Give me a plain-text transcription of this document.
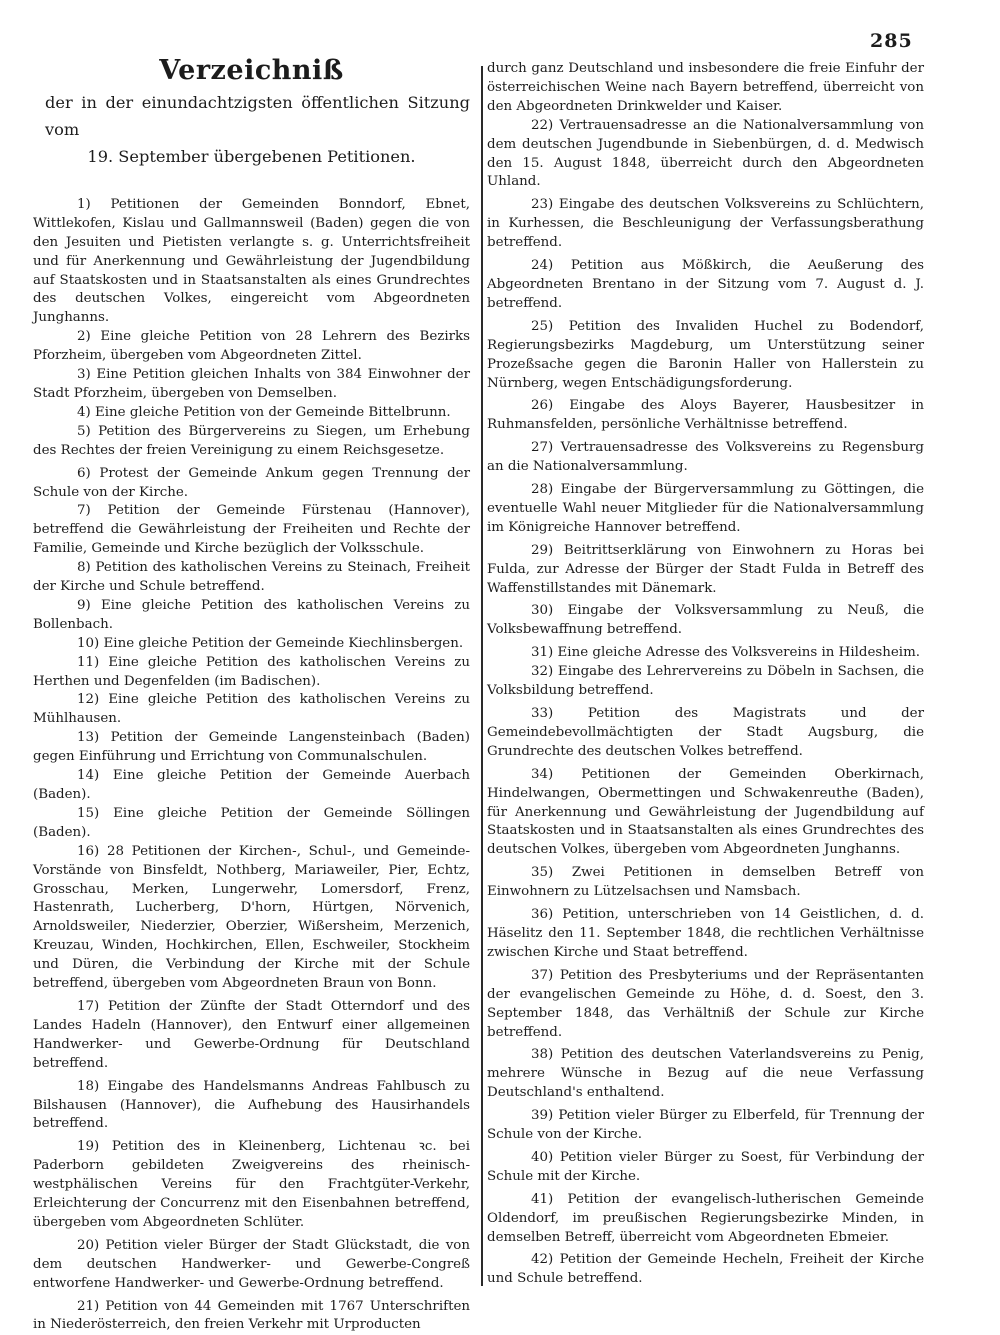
285
Verzeichniß
der in der einundachtzigsten öffentlichen Sitzung vom
19. September übergebenen Petitionen.

1) Petitionen der Gemeinden Bonndorf, Ebnet, Wittlekofen, Kislau und Gallmannsweil (Baden) gegen die von den Jesuiten und Pietisten verlangte s. g. Unterrichtsfreiheit und für Anerkennung und Gewährleistung der Jugendbildung auf Staatskosten und in Staatsanstalten als eines Grundrechtes des deutschen Volkes, eingereicht vom Abgeordneten Junghanns.

2) Eine gleiche Petition von 28 Lehrern des Bezirks Pforzheim, übergeben vom Abgeordneten Zittel.

3) Eine Petition gleichen Inhalts von 384 Einwohner der Stadt Pforzheim, übergeben von Demselben.

4) Eine gleiche Petition von der Gemeinde Bittelbrunn.

5) Petition des Bürgervereins zu Siegen, um Erhebung des Rechtes der freien Vereinigung zu einem Reichsgesetze.

6) Protest der Gemeinde Ankum gegen Trennung der Schule von der Kirche.

7) Petition der Gemeinde Fürstenau (Hannover), betreffend die Gewährleistung der Freiheiten und Rechte der Familie, Gemeinde und Kirche bezüglich der Volksschule.

8) Petition des katholischen Vereins zu Steinach, Freiheit der Kirche und Schule betreffend.

9) Eine gleiche Petition des katholischen Vereins zu Bollenbach.

10) Eine gleiche Petition der Gemeinde Kiechlinsbergen.

11) Eine gleiche Petition des katholischen Vereins zu Herthen und Degenfelden (im Badischen).

12) Eine gleiche Petition des katholischen Vereins zu Mühlhausen.

13) Petition der Gemeinde Langensteinbach (Baden) gegen Einführung und Errichtung von Communalschulen.

14) Eine gleiche Petition der Gemeinde Auerbach (Baden).

15) Eine gleiche Petition der Gemeinde Söllingen (Baden).

16) 28 Petitionen der Kirchen-, Schul-, und Gemeinde-Vorstände von Binsfeldt, Nothberg, Mariaweiler, Pier, Echtz, Grosschau, Merken, Lungerwehr, Lomersdorf, Frenz, Hastenrath, Lucherberg, D'horn, Hürtgen, Nörvenich, Arnoldsweiler, Niederzier, Oberzier, Wißersheim, Merzenich, Kreuzau, Winden, Hochkirchen, Ellen, Eschweiler, Stockheim und Düren, die Verbindung der Kirche mit der Schule betreffend, übergeben vom Abgeordneten Braun von Bonn.

17) Petition der Zünfte der Stadt Otterndorf und des Landes Hadeln (Hannover), den Entwurf einer allgemeinen Handwerker- und Gewerbe-Ordnung für Deutschland betreffend.

18) Eingabe des Handelsmanns Andreas Fahlbusch zu Bilshausen (Hannover), die Aufhebung des Hausirhandels betreffend.

19) Petition des in Kleinenberg, Lichtenau ꝛc. bei Paderborn gebildeten Zweigvereins des rheinisch-westphälischen Vereins für den Frachtgüter-Verkehr, Erleichterung der Concurrenz mit den Eisenbahnen betreffend, übergeben vom Abgeordneten Schlüter.

20) Petition vieler Bürger der Stadt Glückstadt, die von dem deutschen Handwerker- und Gewerbe-Congreß entworfene Handwerker- und Gewerbe-Ordnung betreffend.

21) Petition von 44 Gemeinden mit 1767 Unterschriften in Niederösterreich, den freien Verkehr mit Urproducten

durch ganz Deutschland und insbesondere die freie Einfuhr der österreichischen Weine nach Bayern betreffend, überreicht von den Abgeordneten Drinkwelder und Kaiser.

22) Vertrauensadresse an die Nationalversammlung von dem deutschen Jugendbunde in Siebenbürgen, d. d. Medwisch den 15. August 1848, überreicht durch den Abgeordneten Uhland.

23) Eingabe des deutschen Volksvereins zu Schlüchtern, in Kurhessen, die Beschleunigung der Verfassungsberathung betreffend.

24) Petition aus Mößkirch, die Aeußerung des Abgeordneten Brentano in der Sitzung vom 7. August d. J. betreffend.

25) Petition des Invaliden Huchel zu Bodendorf, Regierungsbezirks Magdeburg, um Unterstützung seiner Prozeßsache gegen die Baronin Haller von Hallerstein zu Nürnberg, wegen Entschädigungsforderung.

26) Eingabe des Aloys Bayerer, Hausbesitzer in Ruhmansfelden, persönliche Verhältnisse betreffend.

27) Vertrauensadresse des Volksvereins zu Regensburg an die Nationalversammlung.

28) Eingabe der Bürgerversammlung zu Göttingen, die eventuelle Wahl neuer Mitglieder für die Nationalversammlung im Königreiche Hannover betreffend.

29) Beitrittserklärung von Einwohnern zu Horas bei Fulda, zur Adresse der Bürger der Stadt Fulda in Betreff des Waffenstillstandes mit Dänemark.

30) Eingabe der Volksversammlung zu Neuß, die Volksbewaffnung betreffend.

31) Eine gleiche Adresse des Volksvereins in Hildesheim.

32) Eingabe des Lehrervereins zu Döbeln in Sachsen, die Volksbildung betreffend.

33) Petition des Magistrats und der Gemeindebevollmächtigten der Stadt Augsburg, die Grundrechte des deutschen Volkes betreffend.

34) Petitionen der Gemeinden Oberkirnach, Hindelwangen, Obermettingen und Schwakenreuthe (Baden), für Anerkennung und Gewährleistung der Jugendbildung auf Staatskosten und in Staatsanstalten als eines Grundrechtes des deutschen Volkes, übergeben vom Abgeordneten Junghanns.

35) Zwei Petitionen in demselben Betreff von Einwohnern zu Lützelsachsen und Namsbach.

36) Petition, unterschrieben von 14 Geistlichen, d. d. Häselitz den 11. September 1848, die rechtlichen Verhältnisse zwischen Kirche und Staat betreffend.

37) Petition des Presbyteriums und der Repräsentanten der evangelischen Gemeinde zu Höhe, d. d. Soest, den 3. September 1848, das Verhältniß der Schule zur Kirche betreffend.

38) Petition des deutschen Vaterlandsvereins zu Penig, mehrere Wünsche in Bezug auf die neue Verfassung Deutschland's enthaltend.

39) Petition vieler Bürger zu Elberfeld, für Trennung der Schule von der Kirche.

40) Petition vieler Bürger zu Soest, für Verbindung der Schule mit der Kirche.

41) Petition der evangelisch-lutherischen Gemeinde Oldendorf, im preußischen Regierungsbezirke Minden, in demselben Betreff, überreicht vom Abgeordneten Ebmeier.

42) Petition der Gemeinde Hecheln, Freiheit der Kirche und Schule betreffend.
